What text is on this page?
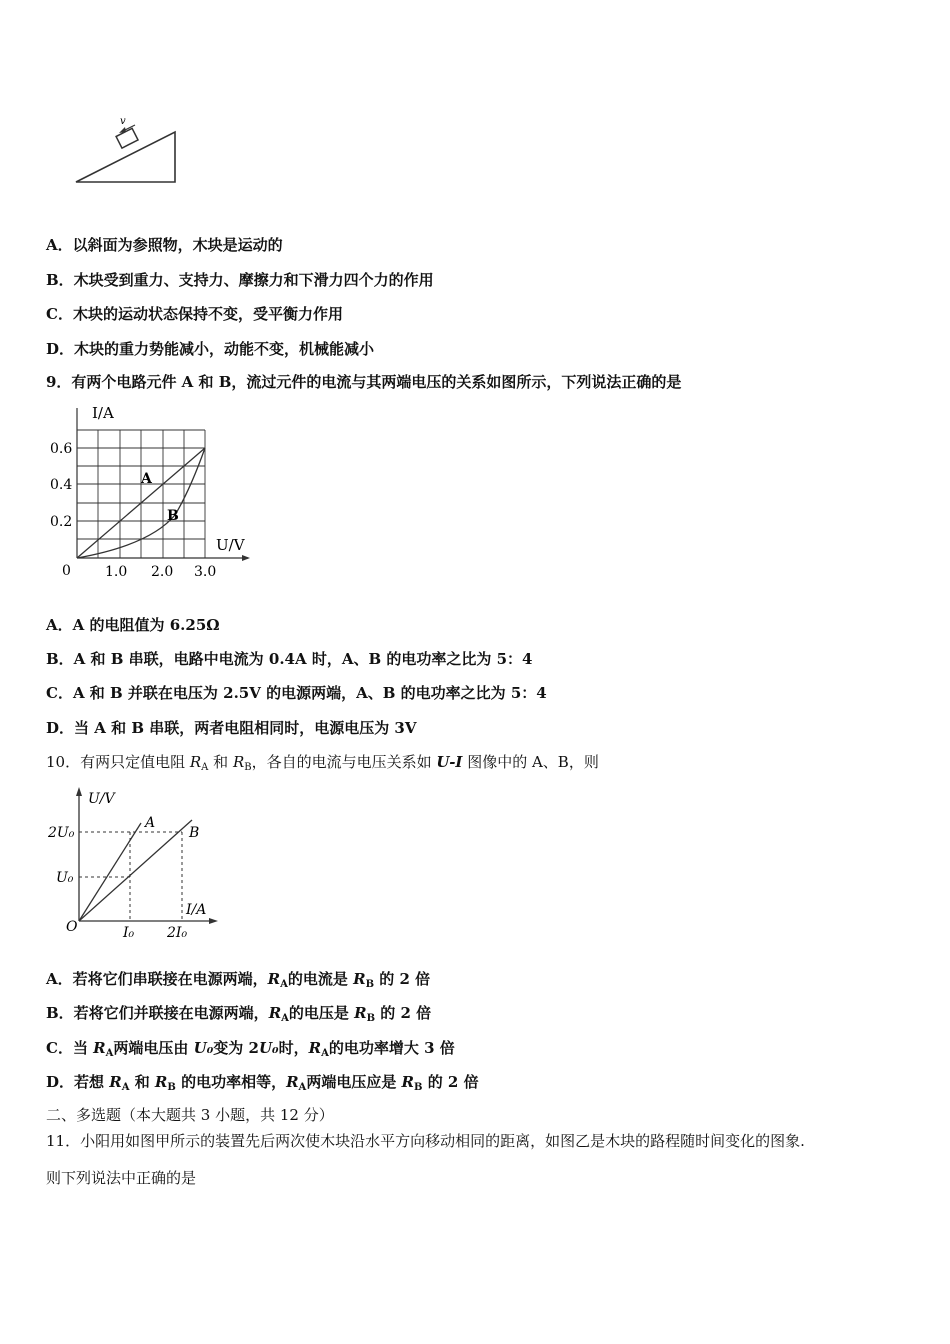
v
A．以斜面为参照物，木块是运动的
B．木块受到重力、支持力、摩擦力和下滑力四个力的作用
C．木块的运动状态保持不变，受平衡力作用
D．木块的重力势能减小，动能不变，机械能减小
9．有两个电路元件 A 和 B，流过元件的电流与其两端电压的关系如图所示，下列说法正确的是
I/A
U/V
0.6
0.4
0.2
0 1.0 2.0 3.0
A
B
A．A 的电阻值为 6.25Ω
B．A 和 B 串联，电路中电流为 0.4A 时，A、B 的电功率之比为 5：4
C．A 和 B 并联在电压为 2.5V 的电源两端，A、B 的电功率之比为 5：4
D．当 A 和 B 串联，两者电阻相同时，电源电压为 3V
10．有两只定值电阻 $R_A$ 和 $R_B$，各自的电流与电压关系如 U-I 图像中的 A、B，则
U/V
I/A
A
B
2U₀
U₀
O	I₀ 2I₀
A．若将它们串联接在电源两端，$R_A$的电流是 $R_B$ 的 2 倍
B．若将它们并联接在电源两端，$R_A$的电压是 $R_B$ 的 2 倍
C．当 $R_A$两端电压由 U₀变为 2U₀时，$R_A$的电功率增大 3 倍
D．若想 $R_A$ 和 $R_B$ 的电功率相等，$R_A$两端电压应是 $R_B$ 的 2 倍
二、多选题（本大题共 3 小题，共 12 分）
11．小阳用如图甲所示的装置先后两次使木块沿水平方向移动相同的距离，如图乙是木块的路程随时间变化的图象.
则下列说法中正确的是
